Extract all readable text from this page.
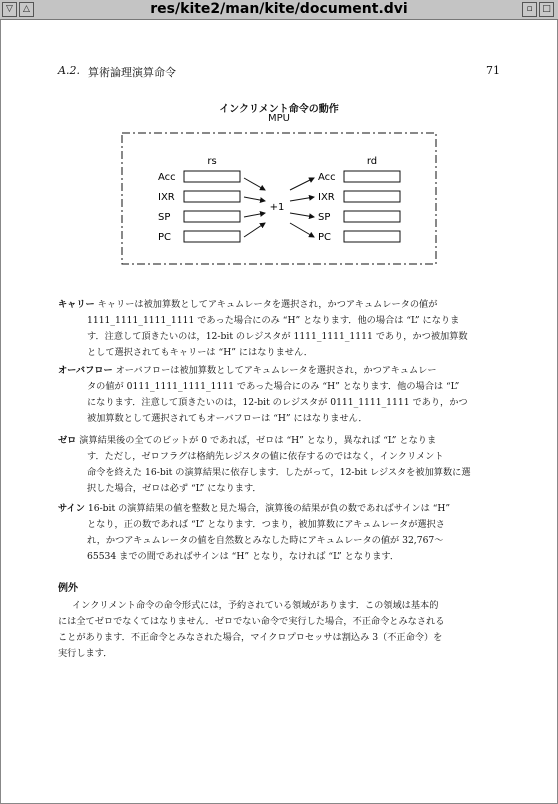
▽	△	res/kite2/man/kite/document.dvi	▫	□
A.2. 算術論理演算命令	71
インクリメント命令の動作
MPU
rs	rd
Acc
IXR
SP
PC
+1
Acc
IXR
SP
PC
キャリー キャリーは被加算数としてアキュムレータを選択され，かつアキュムレータの値が
1111_1111_1111_1111 であった場合にのみ “H” となります．他の場合は “L” になりま
す．注意して頂きたいのは，12-bit のレジスタが 1111_1111_1111 であり，かつ被加算数
として選択されてもキャリーは “H” にはなりません．
オーバフロー オーバフローは被加算数としてアキュムレータを選択され，かつアキュムレー
タの値が 0111_1111_1111_1111 であった場合にのみ “H” となります．他の場合は “L”
になります．注意して頂きたいのは，12-bit のレジスタが 0111_1111_1111 であり，かつ
被加算数として選択されてもオーバフローは “H” にはなりません．
ゼロ 演算結果後の全てのビットが 0 であれば，ゼロは “H” となり，異なれば “L” となりま
す．ただし，ゼロフラグは格納先レジスタの値に依存するのではなく，インクリメント
命令を終えた 16-bit の演算結果に依存します．したがって，12-bit レジスタを被加算数に選
択した場合，ゼロは必ず “L” になります．
サイン 16-bit の演算結果の値を整数と見た場合，演算後の結果が負の数であればサインは “H”
となり，正の数であれば “L” となります．つまり，被加算数にアキュムレータが選択さ
れ，かつアキュムレータの値を自然数とみなした時にアキュムレータの値が 32,767〜
65534 までの間であればサインは “H” となり，なければ “L” となります．
例外
インクリメント命令の命令形式には，予約されている領域があります．この領域は基本的
には全てゼロでなくてはなりません．ゼロでない命令で実行した場合，不正命令とみなされる
ことがあります．不正命令とみなされた場合，マイクロプロセッサは割込み 3（不正命令）を
実行します．
